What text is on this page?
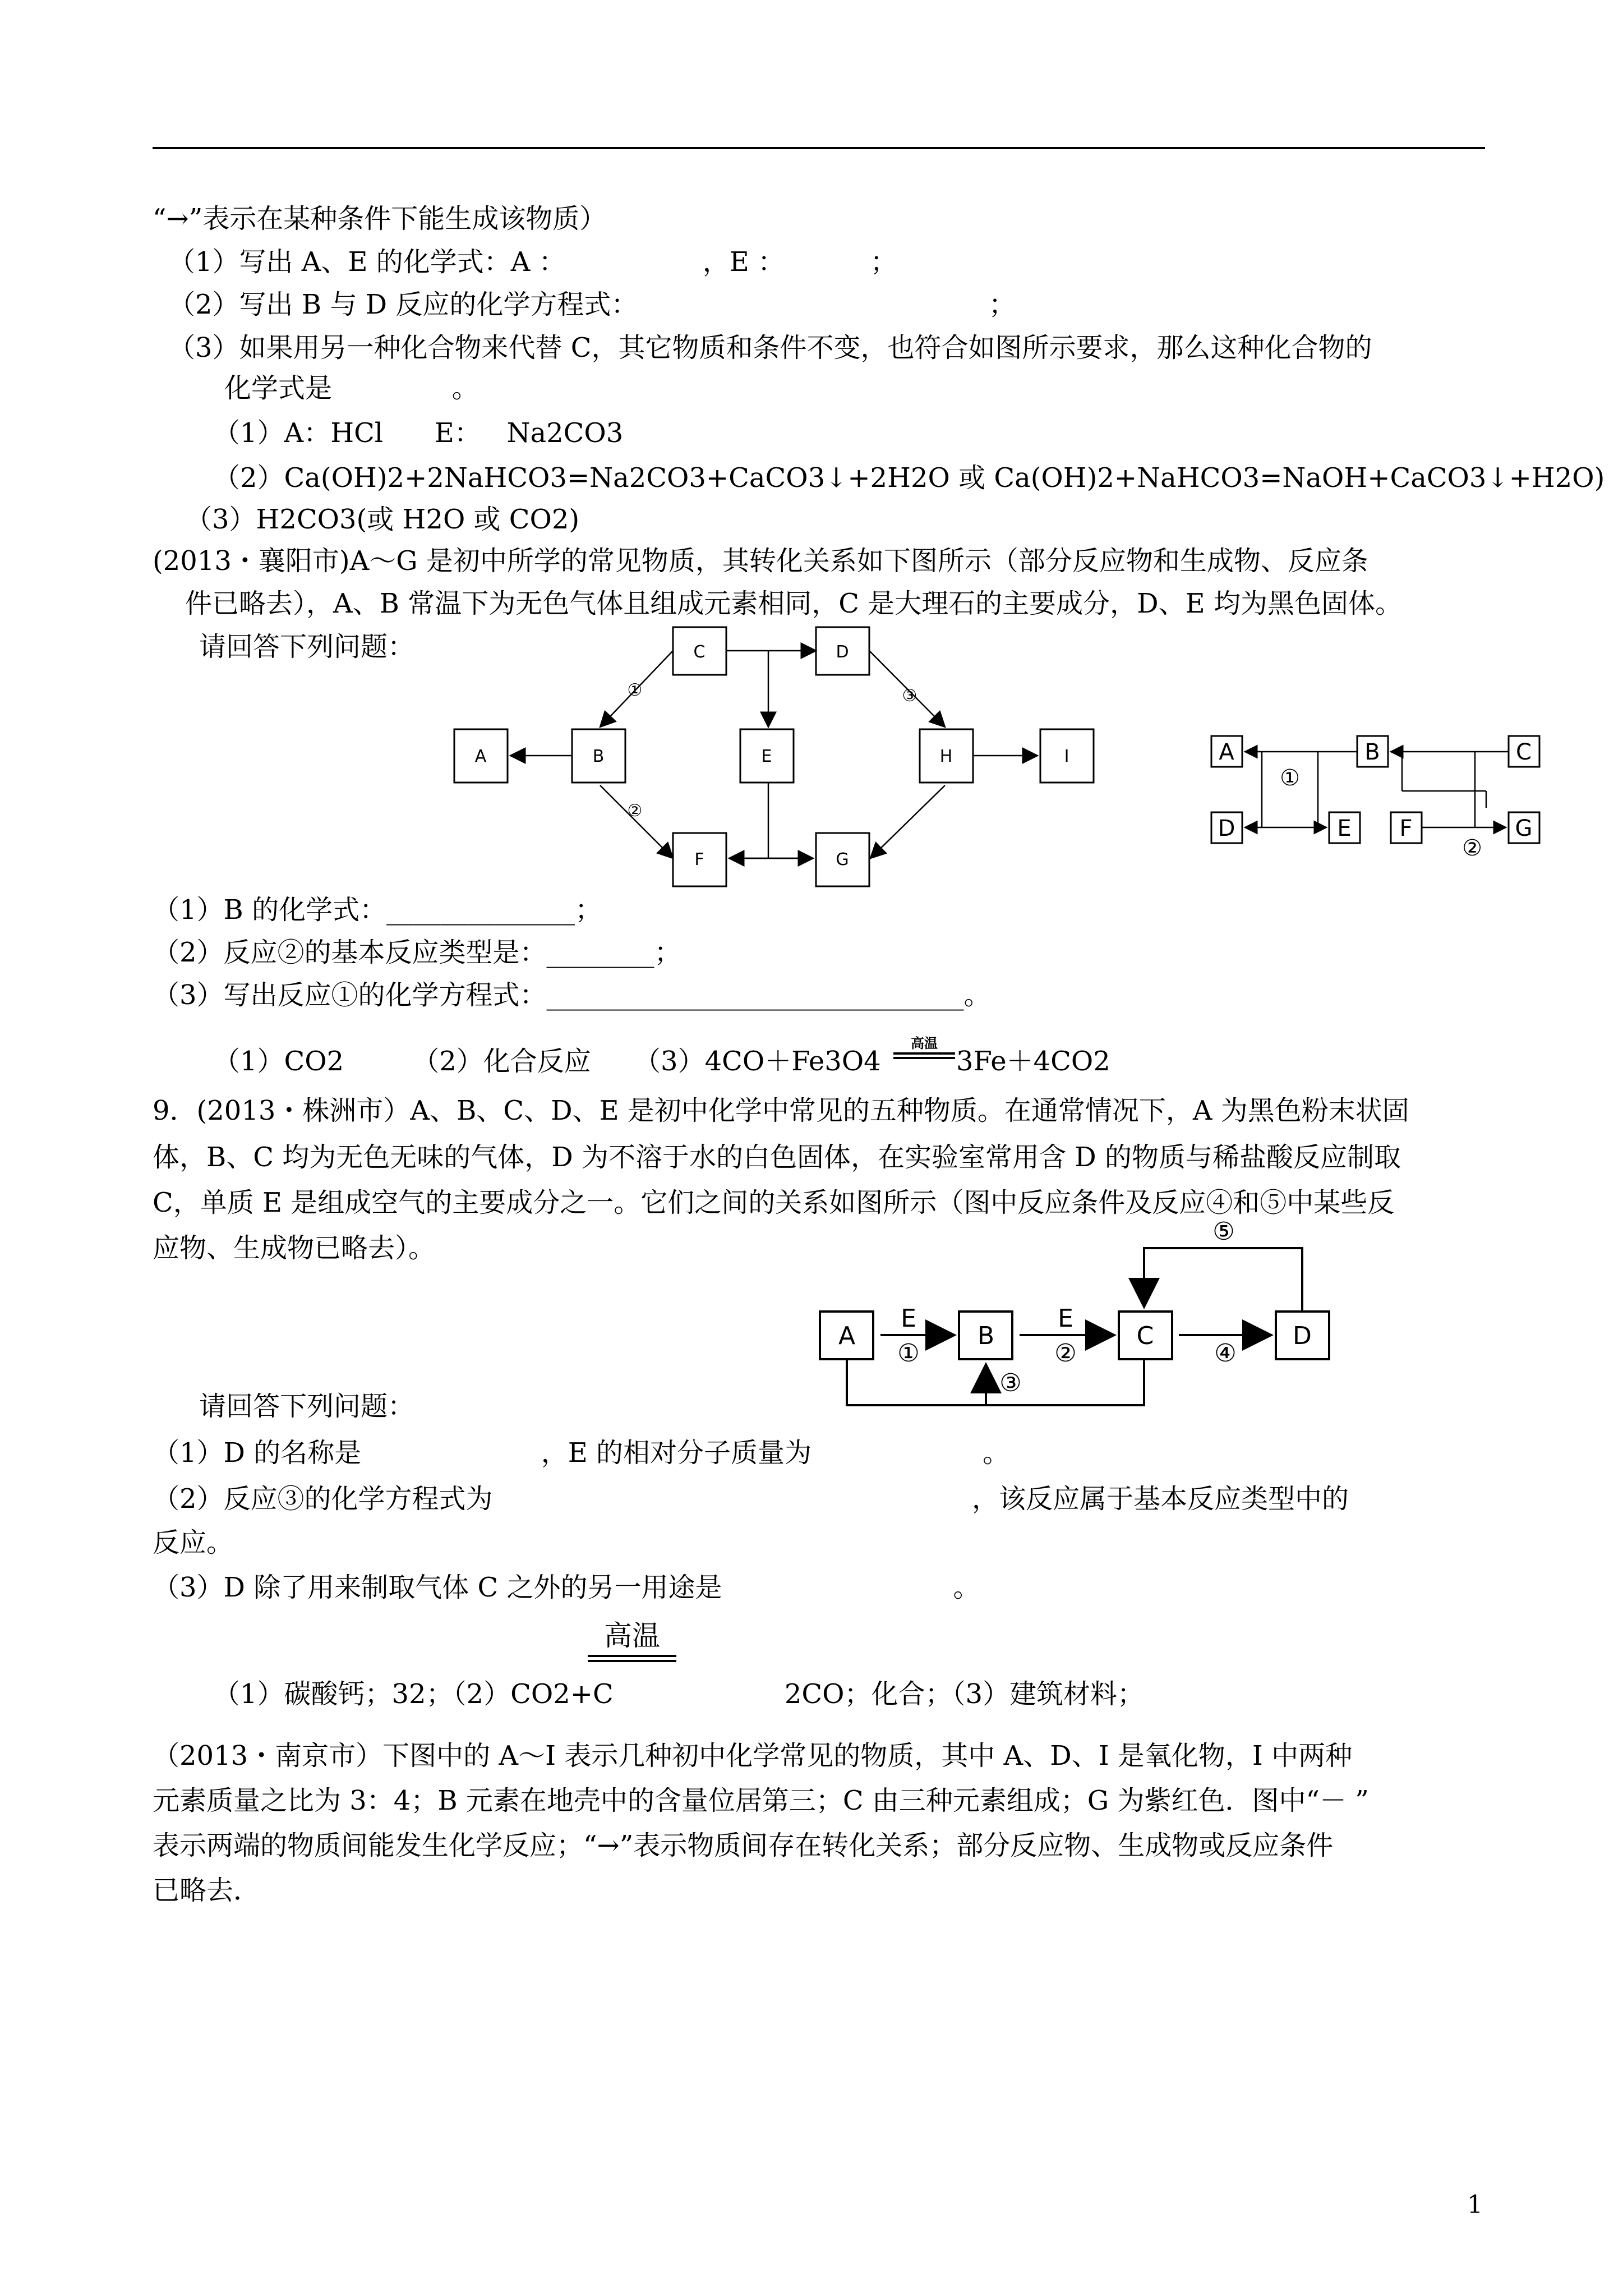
“→”表示在某种条件下能生成该物质）
（1）写出 A、E 的化学式：A ：                ，E ：          ；
（2）写出 B 与 D 反应的化学方程式：                                         ；
（3）如果用另一种化合物来代替 C，其它物质和条件不变，也符合如图所示要求，那么这种化合物的
化学式是              。
（1）A：HCl      E：   Na2CO3
（2）Ca(OH)2+2NaHCO3=Na2CO3+CaCO3↓+2H2O 或 Ca(OH)2+NaHCO3=NaOH+CaCO3↓+H2O)
（3）H2CO3(或 H2O 或 CO2)
(2013・襄阳市)A～G 是初中所学的常见物质，其转化关系如下图所示（部分反应物和生成物、反应条
件已略去），A、B 常温下为无色气体且组成元素相同，C 是大理石的主要成分，D、E 均为黑色固体。
请回答下列问题：
A	B
C	D
E
F	G
H	I
①
②
③
A	B	C
D	E F	G
①
②
（1）B 的化学式：______________；
（2）反应②的基本反应类型是：________；
（3）写出反应①的化学方程式：_______________________________。
（1）CO2        （2）化合反应     （3）4CO＋Fe3O4
高温
3Fe＋4CO2
9．(2013・株洲市）A、B、C、D、E 是初中化学中常见的五种物质。在通常情况下，A 为黑色粉末状固
体，B、C 均为无色无味的气体，D 为不溶于水的白色固体，在实验室常用含 D 的物质与稀盐酸反应制取
C，单质 E 是组成空气的主要成分之一。它们之间的关系如图所示（图中反应条件及反应④和⑤中某些反
应物、生成物已略去）。
A	B	C	D
E
①
E
②
③
④
⑤
请回答下列问题：
（1）D 的名称是                     ，E 的相对分子质量为                    。
（2）反应③的化学方程式为                                                        ，该反应属于基本反应类型中的
反应。
（3）D 除了用来制取气体 C 之外的另一用途是                           。
高温
（1）碳酸钙；32；（2）CO2+C                    2CO；化合；（3）建筑材料；
（2013・南京市）下图中的 A～I 表示几种初中化学常见的物质，其中 A、D、I 是氧化物，I 中两种
元素质量之比为 3：4；B 元素在地壳中的含量位居第三；C 由三种元素组成；G 为紫红色．图中“－ ”
表示两端的物质间能发生化学反应；“→”表示物质间存在转化关系；部分反应物、生成物或反应条件
已略去．
1
